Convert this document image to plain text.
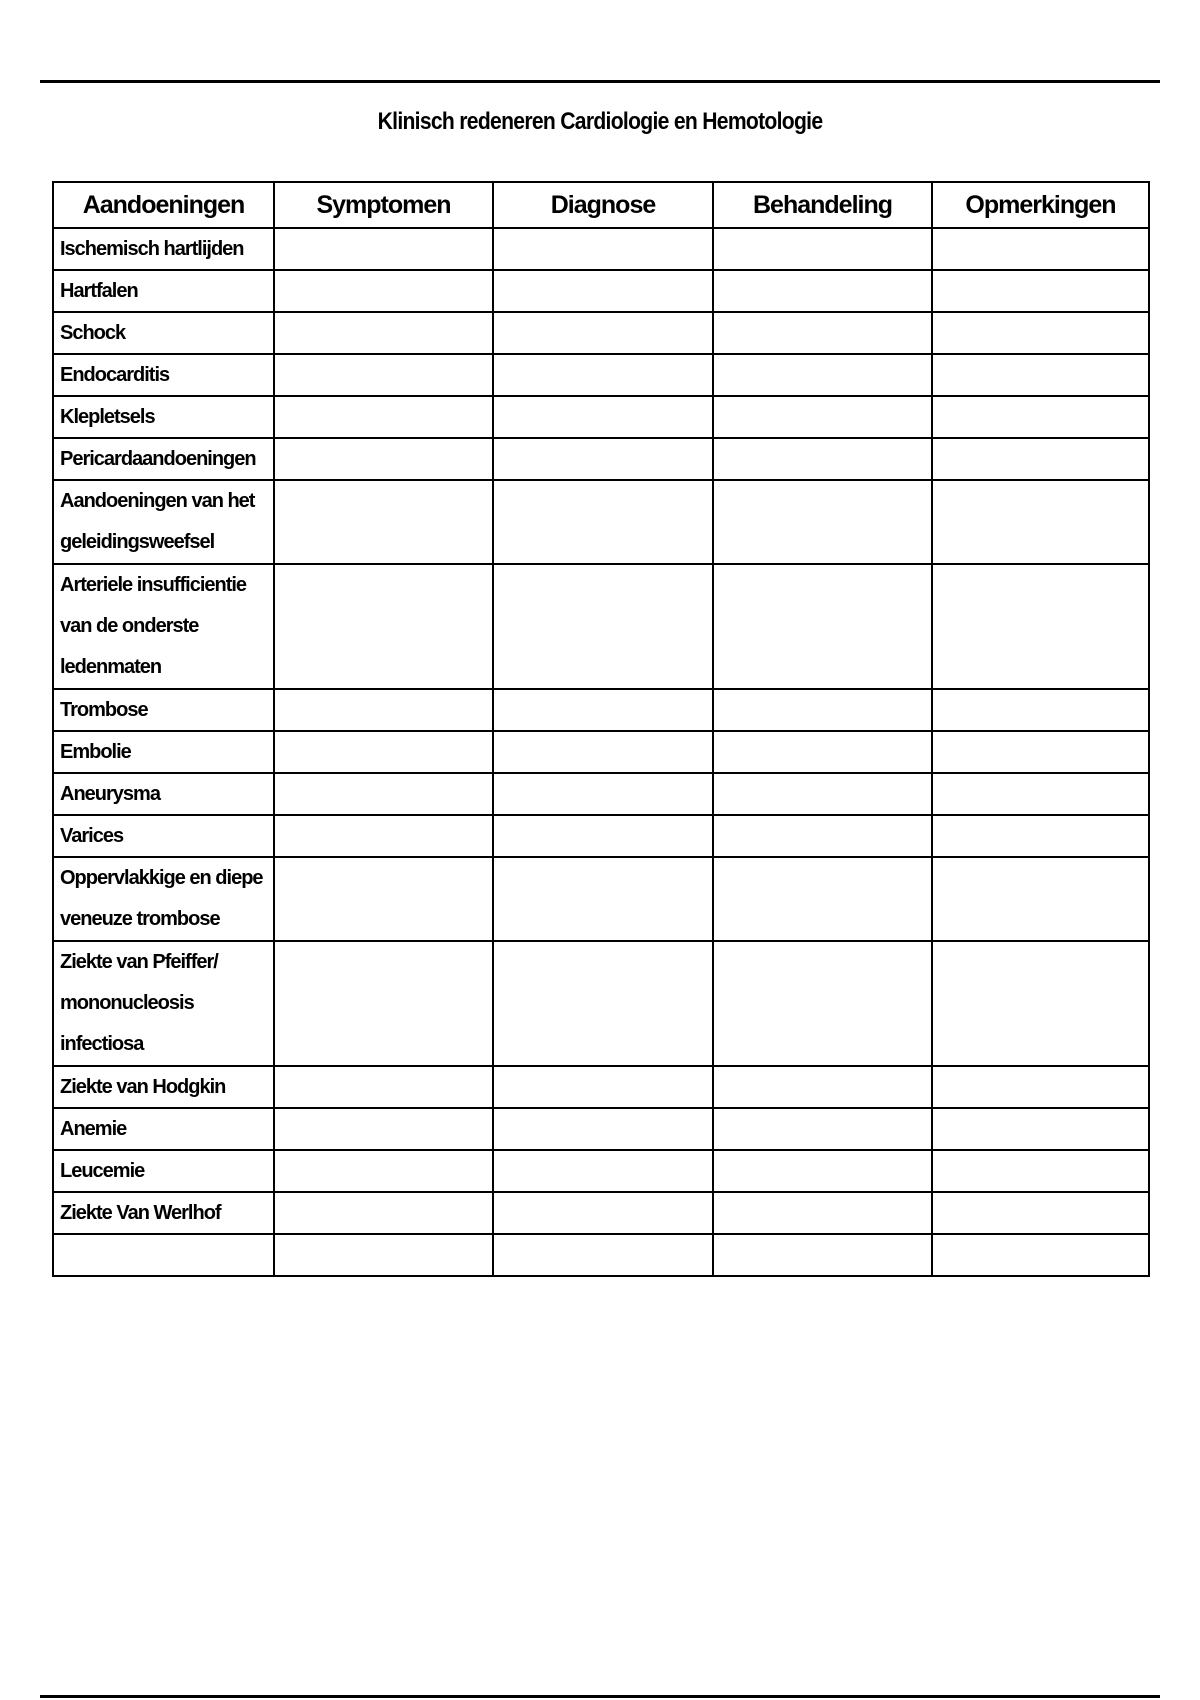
Klinisch redeneren Cardiologie en Hemotologie
Aandoeningen	Symptomen	Diagnose	Behandeling	Opmerkingen
Ischemisch hartlijden				
Hartfalen				
Schock				
Endocarditis				
Klepletsels				
Pericardaandoeningen				
Aandoeningen van het geleidingsweefsel				
Arteriele insufficientie van de onderste ledenmaten				
Trombose				
Embolie				
Aneurysma				
Varices				
Oppervlakkige en diepe veneuze trombose				
Ziekte van Pfeiffer/ mononucleosis infectiosa				
Ziekte van Hodgkin				
Anemie				
Leucemie				
Ziekte Van Werlhof				
